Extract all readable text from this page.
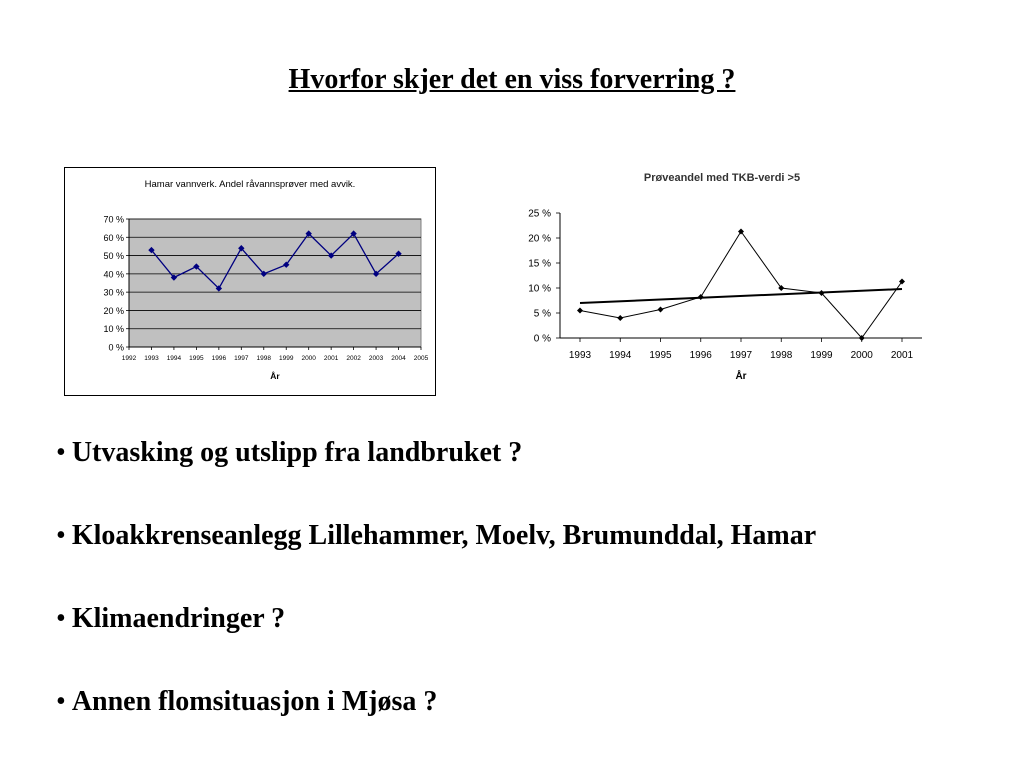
Hvorfor skjer det en viss forverring ?
Hamar vannverk. Andel råvannsprøver med avvik.
0 %
10 %
20 %
30 %
40 %
50 %
60 %
70 %
1992 1993 1994 1995 1996 1997 1998 1999 2000 2001 2002 2003 2004 2005
År
Prøveandel med TKB-verdi >5
0 %
5 %
10 %
15 %
20 %
25 %
1993 1994 1995 1996 1997 1998 1999 2000 2001
År
• Utvasking og utslipp fra landbruket ?
• Kloakkrenseanlegg Lillehammer, Moelv, Brumunddal, Hamar
• Klimaendringer ?
• Annen flomsituasjon i Mjøsa ?
